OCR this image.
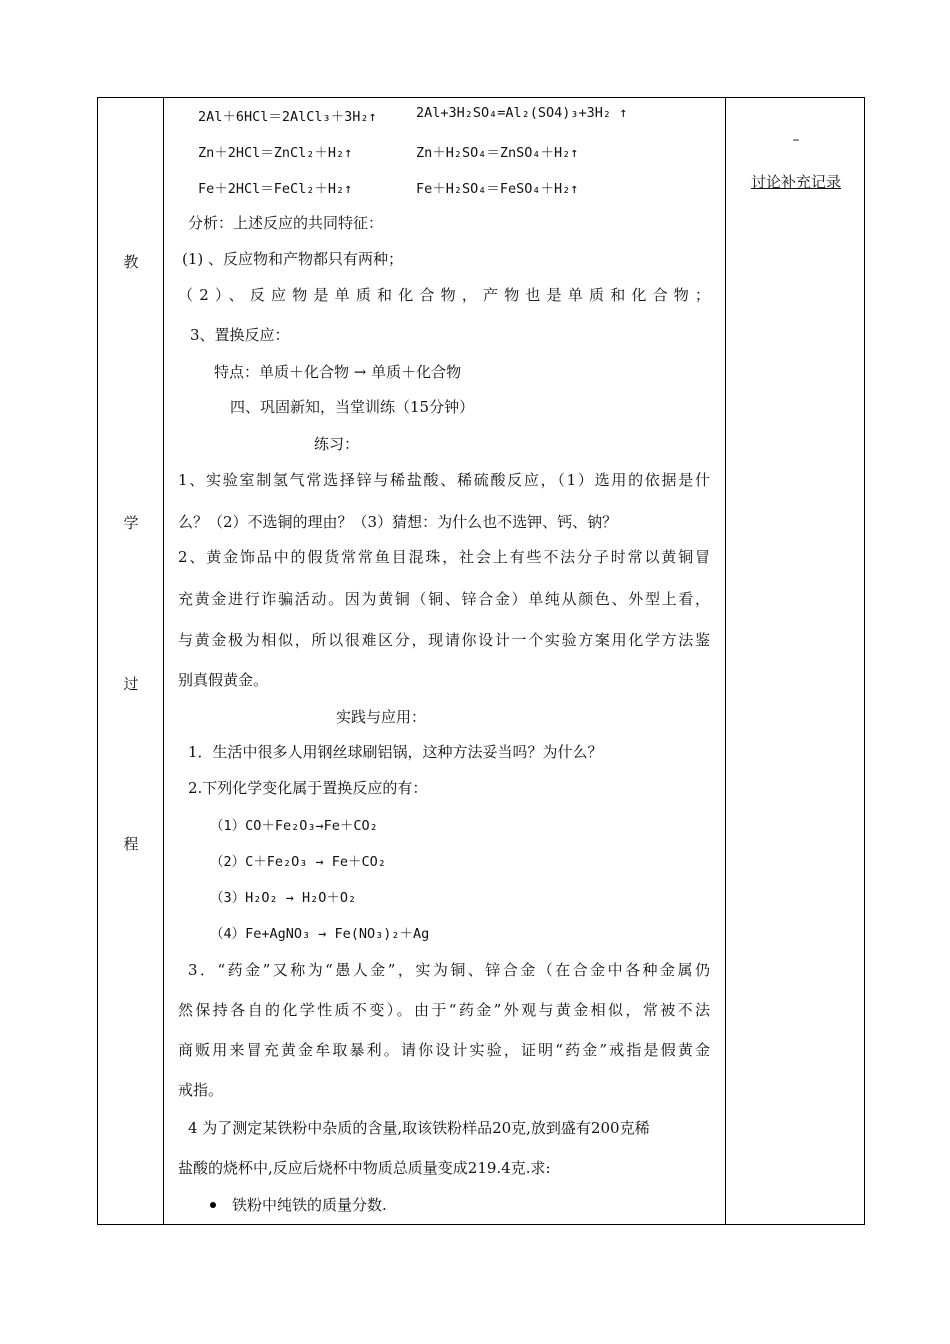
教
学
过
程
–
讨论补充记录
2Al＋6HCl＝2AlCl₃＋3H₂↑	2Al+3H₂SO₄=Al₂(SO4)₃+3H₂ ↑
Zn＋2HCl＝ZnCl₂＋H₂↑	Zn＋H₂SO₄＝ZnSO₄＋H₂↑
Fe＋2HCl＝FeCl₂＋H₂↑	Fe＋H₂SO₄＝FeSO₄＋H₂↑
分析：上述反应的共同特征：
(1) 、反应物和产物都只有两种；
（2）、反应物是单质和化合物，产物也是单质和化合物；
3、置换反应：
特点：单质＋化合物 → 单质＋化合物
四、巩固新知，当堂训练（15分钟）
练习：
1、实验室制氢气常选择锌与稀盐酸、稀硫酸反应，（1）选用的依据是什
么？（2）不选铜的理由？（3）猜想：为什么也不选钾、钙、钠？
2、黄金饰品中的假货常常鱼目混珠，社会上有些不法分子时常以黄铜冒
充黄金进行诈骗活动。因为黄铜（铜、锌合金）单纯从颜色、外型上看，
与黄金极为相似，所以很难区分，现请你设计一个实验方案用化学方法鉴
别真假黄金。
实践与应用：
1．生活中很多人用钢丝球刷铝锅，这种方法妥当吗？为什么？
2.下列化学变化属于置换反应的有：
（1）CO＋Fe₂O₃→Fe＋CO₂
（2）C＋Fe₂O₃ → Fe＋CO₂
（3）H₂O₂ → H₂O＋O₂
（4）Fe+AgNO₃ → Fe(NO₃)₂＋Ag
3．“药金”又称为“愚人金”，实为铜、锌合金（在合金中各种金属仍
然保持各自的化学性质不变）。由于“药金”外观与黄金相似，常被不法
商贩用来冒充黄金牟取暴利。请你设计实验，证明“药金”戒指是假黄金
戒指。
4 为了测定某铁粉中杂质的含量,取该铁粉样品20克,放到盛有200克稀
盐酸的烧杯中,反应后烧杯中物质总质量变成219.4克.求:
铁粉中纯铁的质量分数.
